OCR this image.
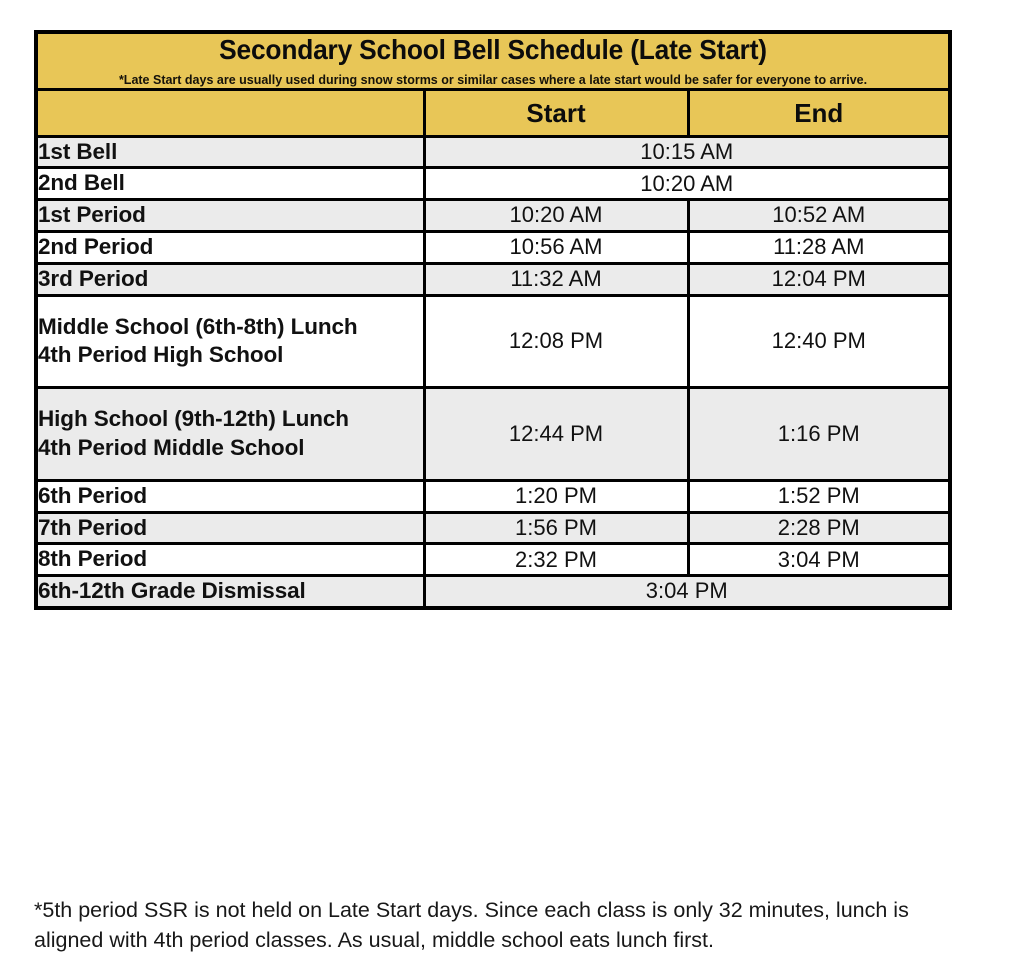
Secondary School Bell Schedule (Late Start)
*Late Start days are usually used during snow storms or similar cases where a late start would be safer for everyone to arrive.		

	Start	End
1st Bell	10:15 AM	
2nd Bell	10:20 AM	
1st Period	10:20 AM	10:52 AM
2nd Period	10:56 AM	11:28 AM
3rd Period	11:32 AM	12:04 PM
Middle School (6th-8th) Lunch
4th Period High School	12:08 PM	12:40 PM
High School (9th-12th) Lunch
4th Period Middle School	12:44 PM	1:16 PM
6th Period	1:20 PM	1:52 PM
7th Period	1:56 PM	2:28 PM
8th Period	2:32 PM	3:04 PM
6th-12th Grade Dismissal	3:04 PM	
*5th period SSR is not held on Late Start days. Since each class is only 32 minutes, lunch is aligned with 4th period classes. As usual, middle school eats lunch first.
